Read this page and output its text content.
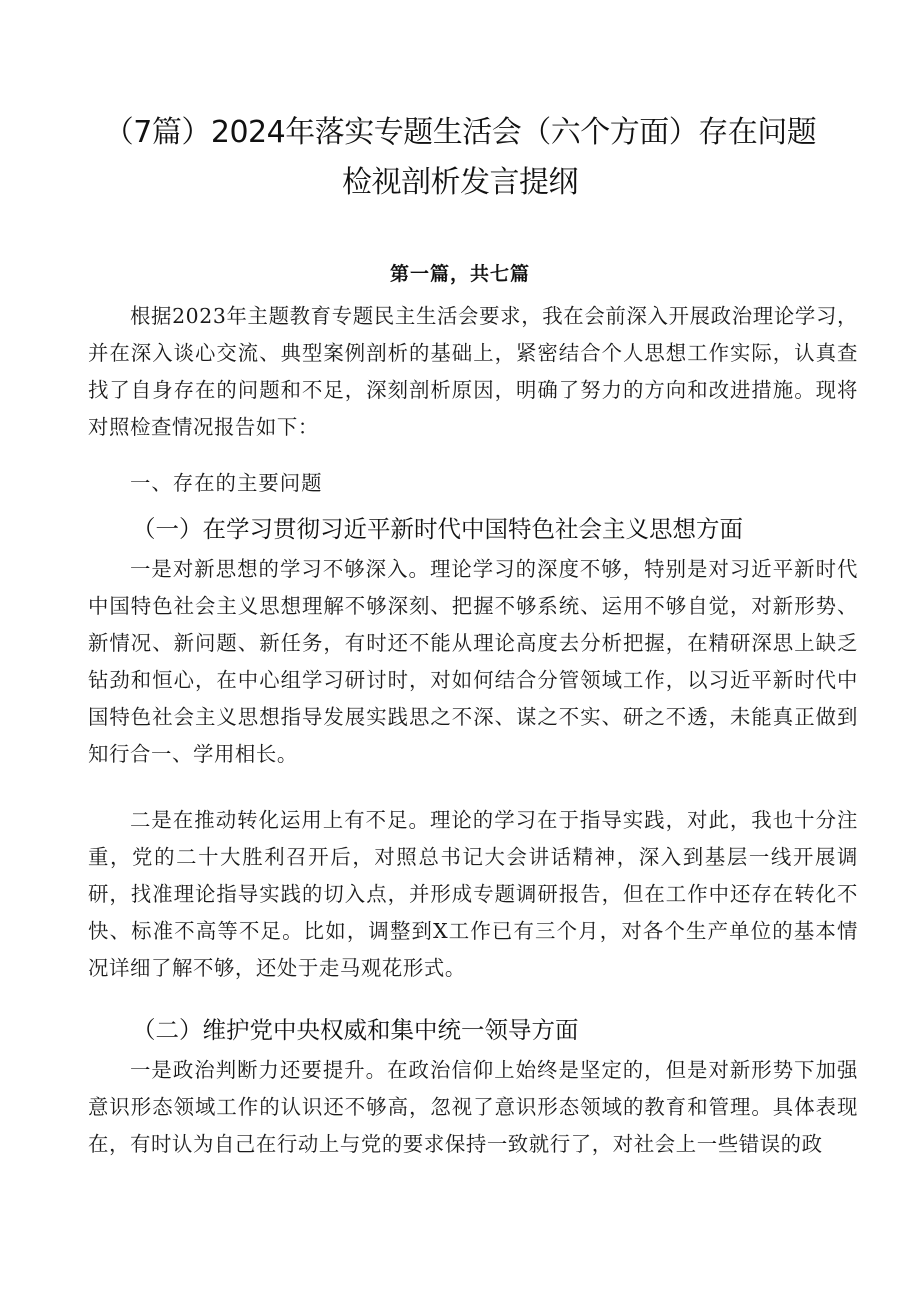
（7篇）2024年落实专题生活会（六个方面）存在问题
检视剖析发言提纲
第一篇，共七篇

根据2023年主题教育专题民主生活会要求，我在会前深入开展政治理论学习，并在深入谈心交流、典型案例剖析的基础上，紧密结合个人思想工作实际，认真查找了自身存在的问题和不足，深刻剖析原因，明确了努力的方向和改进措施。现将对照检查情况报告如下：

一、存在的主要问题

（一）在学习贯彻习近平新时代中国特色社会主义思想方面

一是对新思想的学习不够深入。理论学习的深度不够，特别是对习近平新时代中国特色社会主义思想理解不够深刻、把握不够系统、运用不够自觉，对新形势、新情况、新问题、新任务，有时还不能从理论高度去分析把握，在精研深思上缺乏钻劲和恒心，在中心组学习研讨时，对如何结合分管领域工作，以习近平新时代中国特色社会主义思想指导发展实践思之不深、谋之不实、研之不透，未能真正做到知行合一、学用相长。

二是在推动转化运用上有不足。理论的学习在于指导实践，对此，我也十分注重，党的二十大胜利召开后，对照总书记大会讲话精神，深入到基层一线开展调研，找准理论指导实践的切入点，并形成专题调研报告，但在工作中还存在转化不快、标准不高等不足。比如，调整到X工作已有三个月，对各个生产单位的基本情况详细了解不够，还处于走马观花形式。

（二）维护党中央权威和集中统一领导方面

一是政治判断力还要提升。在政治信仰上始终是坚定的，但是对新形势下加强意识形态领域工作的认识还不够高，忽视了意识形态领域的教育和管理。具体表现在，有时认为自己在行动上与党的要求保持一致就行了，对社会上一些错误的政
